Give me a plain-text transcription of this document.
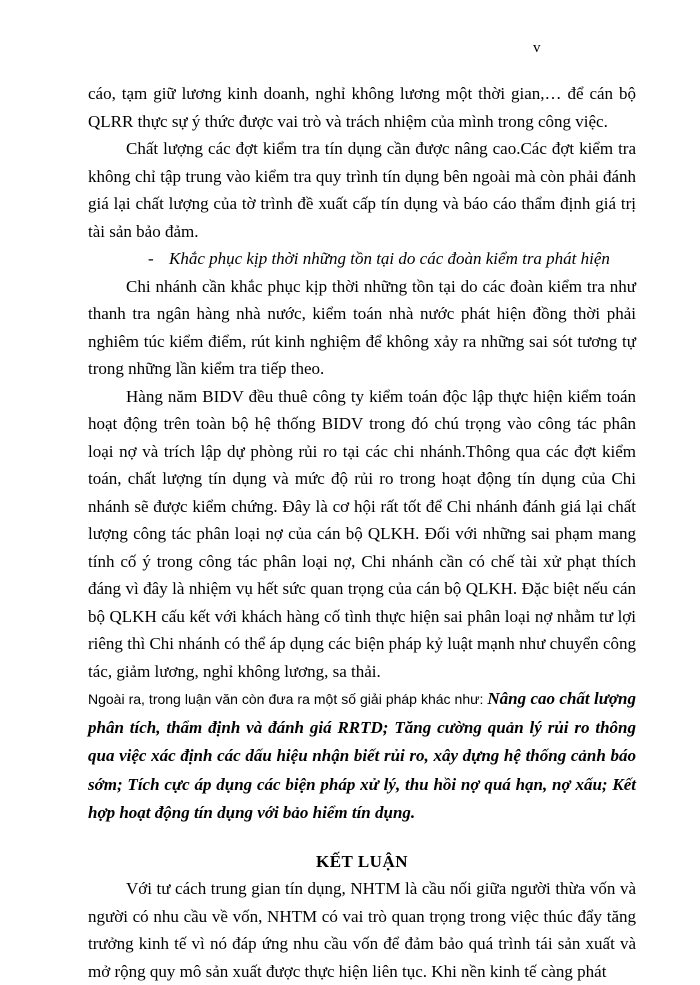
v

cáo, tạm giữ lương kinh doanh, nghỉ không lương một thời gian,… để cán bộ QLRR thực sự ý thức được vai trò và trách nhiệm của mình trong công việc.

Chất lượng các đợt kiểm tra tín dụng cần được nâng cao.Các đợt kiểm tra không chỉ tập trung vào kiểm tra quy trình tín dụng bên ngoài mà còn phải đánh giá lại chất lượng của tờ trình đề xuất cấp tín dụng và báo cáo thẩm định giá trị tài sản bảo đảm.

- Khắc phục kịp thời những tồn tại do các đoàn kiểm tra phát hiện

Chi nhánh cần khắc phục kịp thời những tồn tại do các đoàn kiểm tra như thanh tra ngân hàng nhà nước, kiểm toán nhà nước phát hiện đồng thời phải nghiêm túc kiểm điểm, rút kinh nghiệm để không xảy ra những sai sót tương tự trong những lần kiểm tra tiếp theo.

Hàng năm BIDV đều thuê công ty kiểm toán độc lập thực hiện kiểm toán hoạt động trên toàn bộ hệ thống BIDV trong đó chú trọng vào công tác phân loại nợ và trích lập dự phòng rủi ro tại các chi nhánh.Thông qua các đợt kiểm toán, chất lượng tín dụng và mức độ rủi ro trong hoạt động tín dụng của Chi nhánh sẽ được kiểm chứng. Đây là cơ hội rất tốt để Chi nhánh đánh giá lại chất lượng công tác phân loại nợ của cán bộ QLKH. Đối với những sai phạm mang tính cố ý trong công tác phân loại nợ, Chi nhánh cần có chế tài xử phạt thích đáng vì đây là nhiệm vụ hết sức quan trọng của cán bộ QLKH. Đặc biệt nếu cán bộ QLKH cấu kết với khách hàng cố tình thực hiện sai phân loại nợ nhằm tư lợi riêng thì Chi nhánh có thể áp dụng các biện pháp kỷ luật mạnh như chuyển công tác, giảm lương, nghỉ không lương, sa thải.

Ngoài ra, trong luận văn còn đưa ra một số giải pháp khác như: Nâng cao chất lượng phân tích, thẩm định và đánh giá RRTD; Tăng cường quản lý rủi ro thông qua việc xác định các dấu hiệu nhận biết rủi ro, xây dựng hệ thống cảnh báo sớm; Tích cực áp dụng các biện pháp xử lý, thu hồi nợ quá hạn, nợ xấu; Kết hợp hoạt động tín dụng với bảo hiểm tín dụng.

KẾT LUẬN

Với tư cách trung gian tín dụng, NHTM là cầu nối giữa người thừa vốn và người có nhu cầu về vốn, NHTM có vai trò quan trọng trong việc thúc đẩy tăng trưởng kinh tế vì nó đáp ứng nhu cầu vốn để đảm bảo quá trình tái sản xuất và mở rộng quy mô sản xuất được thực hiện liên tục. Khi nền kinh tế càng phát
